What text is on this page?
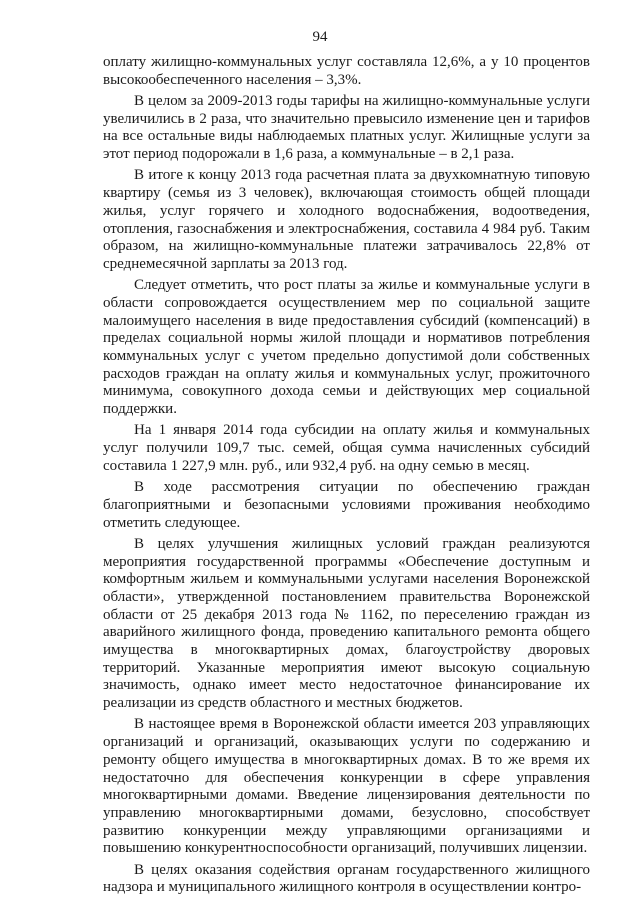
94

оплату жилищно-коммунальных услуг составляла 12,6%, а у 10 процентов высокообеспеченного населения – 3,3%.

В целом за 2009-2013 годы тарифы на жилищно-коммунальные услуги увеличились в 2 раза, что значительно превысило изменение цен и тарифов на все остальные виды наблюдаемых платных услуг. Жилищные услуги за этот период подорожали в 1,6 раза, а коммунальные – в 2,1 раза.

В итоге к концу 2013 года расчетная плата за двухкомнатную типовую квартиру (семья из 3 человек), включающая стоимость общей площади жилья, услуг горячего и холодного водоснабжения, водоотведения, отопления, газоснабжения и электроснабжения, составила 4 984 руб. Таким образом, на жилищно-коммунальные платежи затрачивалось 22,8% от среднемесячной зарплаты за 2013 год.

Следует отметить, что рост платы за жилье и коммунальные услуги в области сопровождается осуществлением мер по социальной защите малоимущего населения в виде предоставления субсидий (компенсаций) в пределах социальной нормы жилой площади и нормативов потребления коммунальных услуг с учетом предельно допустимой доли собственных расходов граждан на оплату жилья и коммунальных услуг, прожиточного минимума, совокупного дохода семьи и действующих мер социальной поддержки.

На 1 января 2014 года субсидии на оплату жилья и коммунальных услуг получили 109,7 тыс. семей, общая сумма начисленных субсидий составила 1 227,9 млн. руб., или 932,4 руб. на одну семью в месяц.

В ходе рассмотрения ситуации по обеспечению граждан благоприятными и безопасными условиями проживания необходимо отметить следующее.

В целях улучшения жилищных условий граждан реализуются мероприятия государственной программы «Обеспечение доступным и комфортным жильем и коммунальными услугами населения Воронежской области», утвержденной постановлением правительства Воронежской области от 25 декабря 2013 года № 1162, по переселению граждан из аварийного жилищного фонда, проведению капитального ремонта общего имущества в многоквартирных домах, благоустройству дворовых территорий. Указанные мероприятия имеют высокую социальную значимость, однако имеет место недостаточное финансирование их реализации из средств областного и местных бюджетов.

В настоящее время в Воронежской области имеется 203 управляющих организаций и организаций, оказывающих услуги по содержанию и ремонту общего имущества в многоквартирных домах. В то же время их недостаточно для обеспечения конкуренции в сфере управления многоквартирными домами. Введение лицензирования деятельности по управлению многоквартирными домами, безусловно, способствует развитию конкуренции между управляющими организациями и повышению конкурентноспособности организаций, получивших лицензии.

В целях оказания содействия органам государственного жилищного надзора и муниципального жилищного контроля в осуществлении контро-
